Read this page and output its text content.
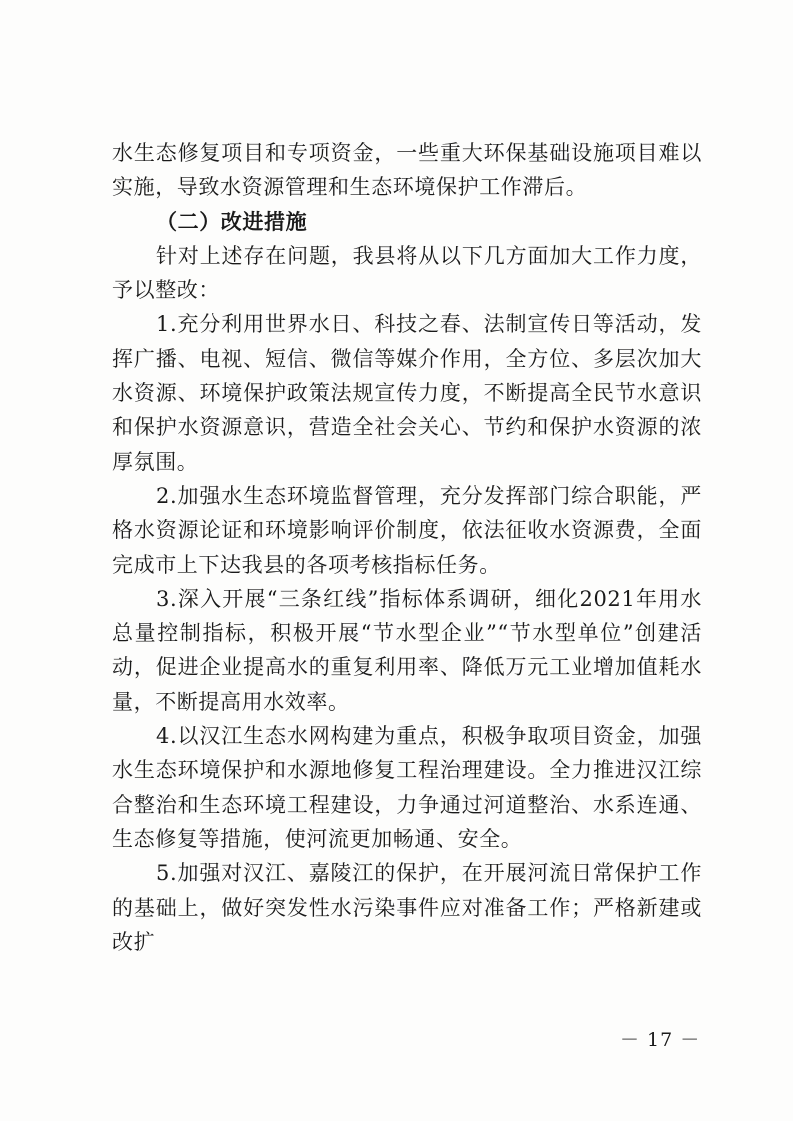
水生态修复项目和专项资金，一些重大环保基础设施项目难以实施，导致水资源管理和生态环境保护工作滞后。

（二）改进措施

针对上述存在问题，我县将从以下几方面加大工作力度，予以整改：

1.充分利用世界水日、科技之春、法制宣传日等活动，发挥广播、电视、短信、微信等媒介作用，全方位、多层次加大水资源、环境保护政策法规宣传力度，不断提高全民节水意识和保护水资源意识，营造全社会关心、节约和保护水资源的浓厚氛围。

2.加强水生态环境监督管理，充分发挥部门综合职能，严格水资源论证和环境影响评价制度，依法征收水资源费，全面完成市上下达我县的各项考核指标任务。

3.深入开展“三条红线”指标体系调研，细化2021年用水总量控制指标，积极开展“节水型企业”“节水型单位”创建活动，促进企业提高水的重复利用率、降低万元工业增加值耗水量，不断提高用水效率。

4.以汉江生态水网构建为重点，积极争取项目资金，加强水生态环境保护和水源地修复工程治理建设。全力推进汉江综合整治和生态环境工程建设，力争通过河道整治、水系连通、生态修复等措施，使河流更加畅通、安全。

5.加强对汉江、嘉陵江的保护，在开展河流日常保护工作的基础上，做好突发性水污染事件应对准备工作；严格新建或改扩

－ 17 －
